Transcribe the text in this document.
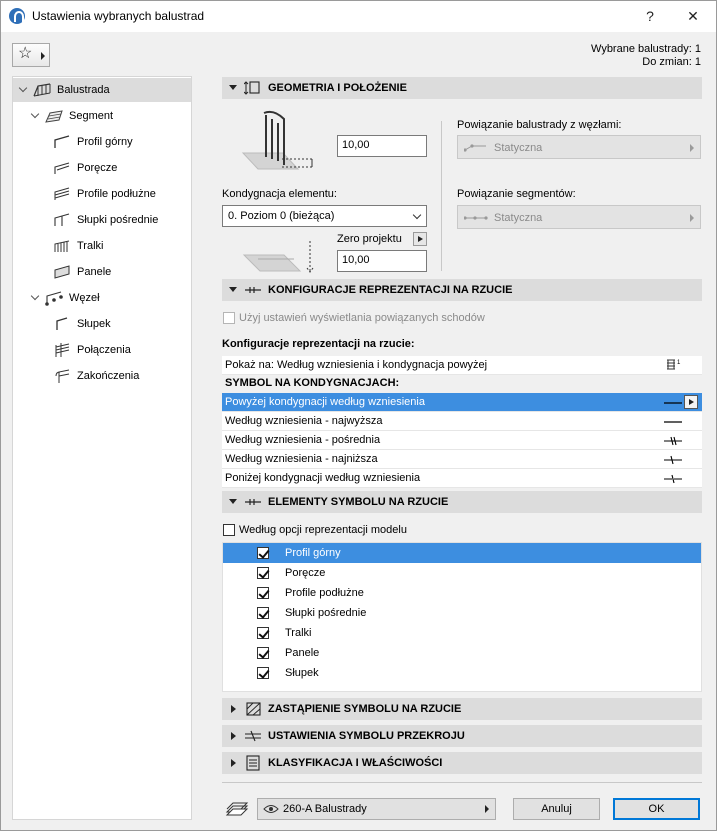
Ustawienia wybranych balustrad	?	✕
☆	Wybrane balustrady: 1
Do zmian: 1
Balustrada
Segment
Profil górny
Poręcze
Profile podłużne
Słupki pośrednie
Tralki
Panele
Węzeł
Słupek
Połączenia
Zakończenia
GEOMETRIA I POŁOŻENIE
10,00
Kondygnacja elementu:
0. Poziom 0 (bieżąca)
Zero projektu
10,00
Powiązanie balustrady z węzłami:
Statyczna
Powiązanie segmentów:
Statyczna
KONFIGURACJE REPREZENTACJI NA RZUCIE
Użyj ustawień wyświetlania powiązanych schodów
Konfiguracje reprezentacji na rzucie:
Pokaż na: Według wzniesienia i kondygnacja powyżej	1
SYMBOL NA KONDYGNACJACH:
Powyżej kondygnacji według wzniesienia
Według wzniesienia - najwyższa
Według wzniesienia - pośrednia
Według wzniesienia - najniższa
Poniżej kondygnacji według wzniesienia
ELEMENTY SYMBOLU NA RZUCIE
Według opcji reprezentacji modelu
Profil górny
Poręcze
Profile podłużne
Słupki pośrednie
Tralki
Panele
Słupek
ZASTĄPIENIE SYMBOLU NA RZUCIE
USTAWIENIA SYMBOLU PRZEKROJU
KLASYFIKACJA I WŁAŚCIWOŚCI
260-A Balustrady	Anuluj	OK
